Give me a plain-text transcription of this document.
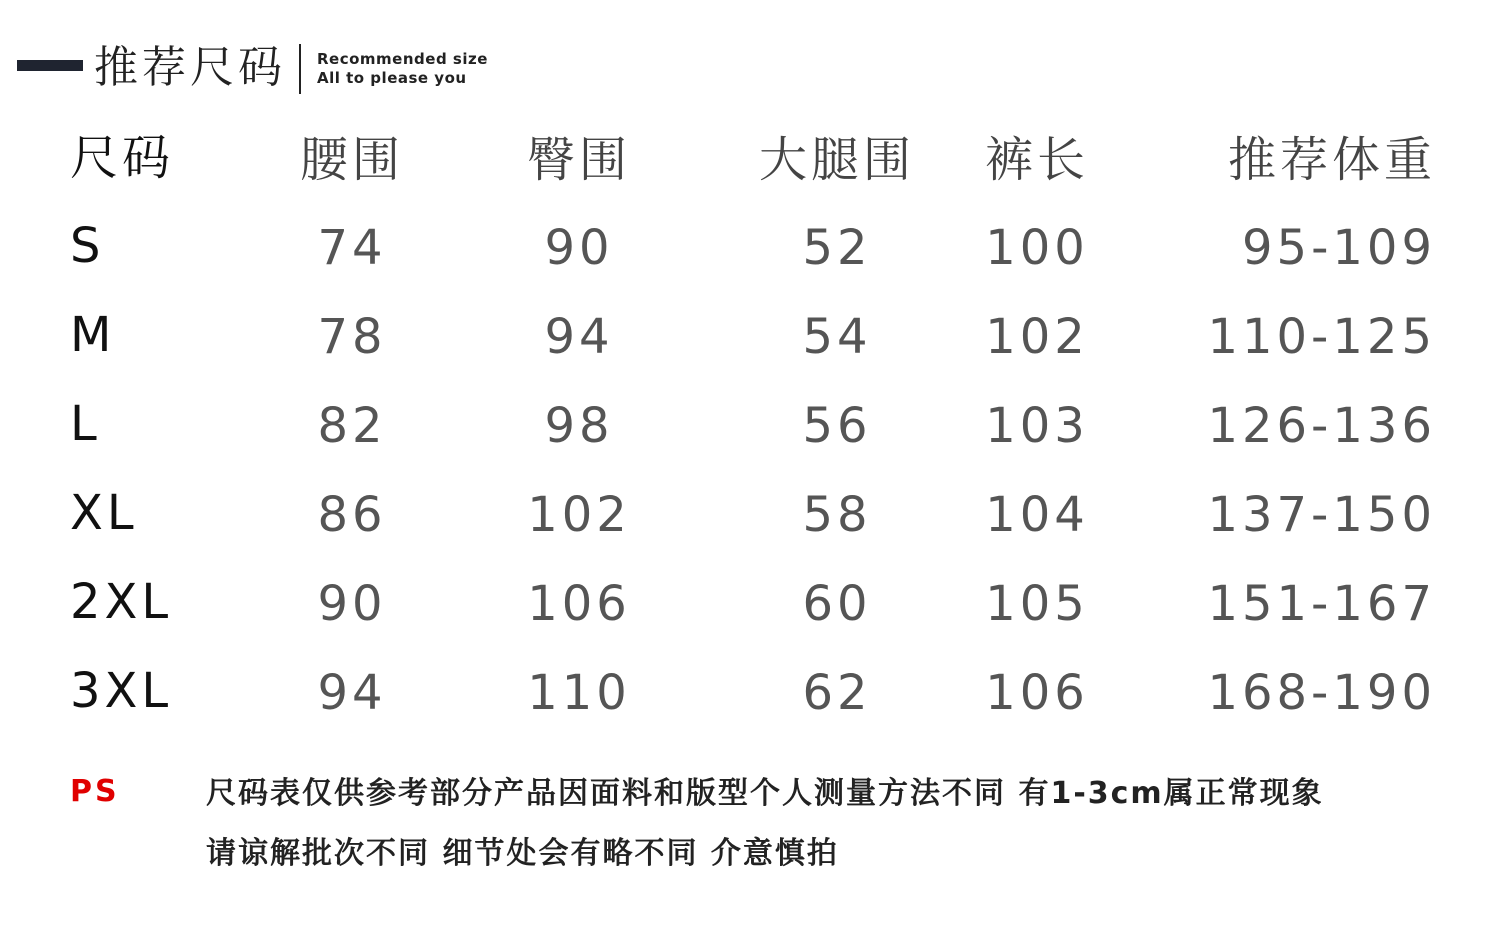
推荐尺码 Recommended size
All to please you
尺码	腰围	臀围	大腿围	裤长	推荐体重
S	74	90	52	100	95-109
M	78	94	54	102	110-125
L	82	98	56	103	126-136
XL	86	102	58	104	137-150
2XL	90	106	60	105	151-167
3XL	94	110	62	106	168-190
PS	尺码表仅供参考部分产品因面料和版型个人测量方法不同 有1-3cm属正常现象
请谅解批次不同 细节处会有略不同 介意慎拍
